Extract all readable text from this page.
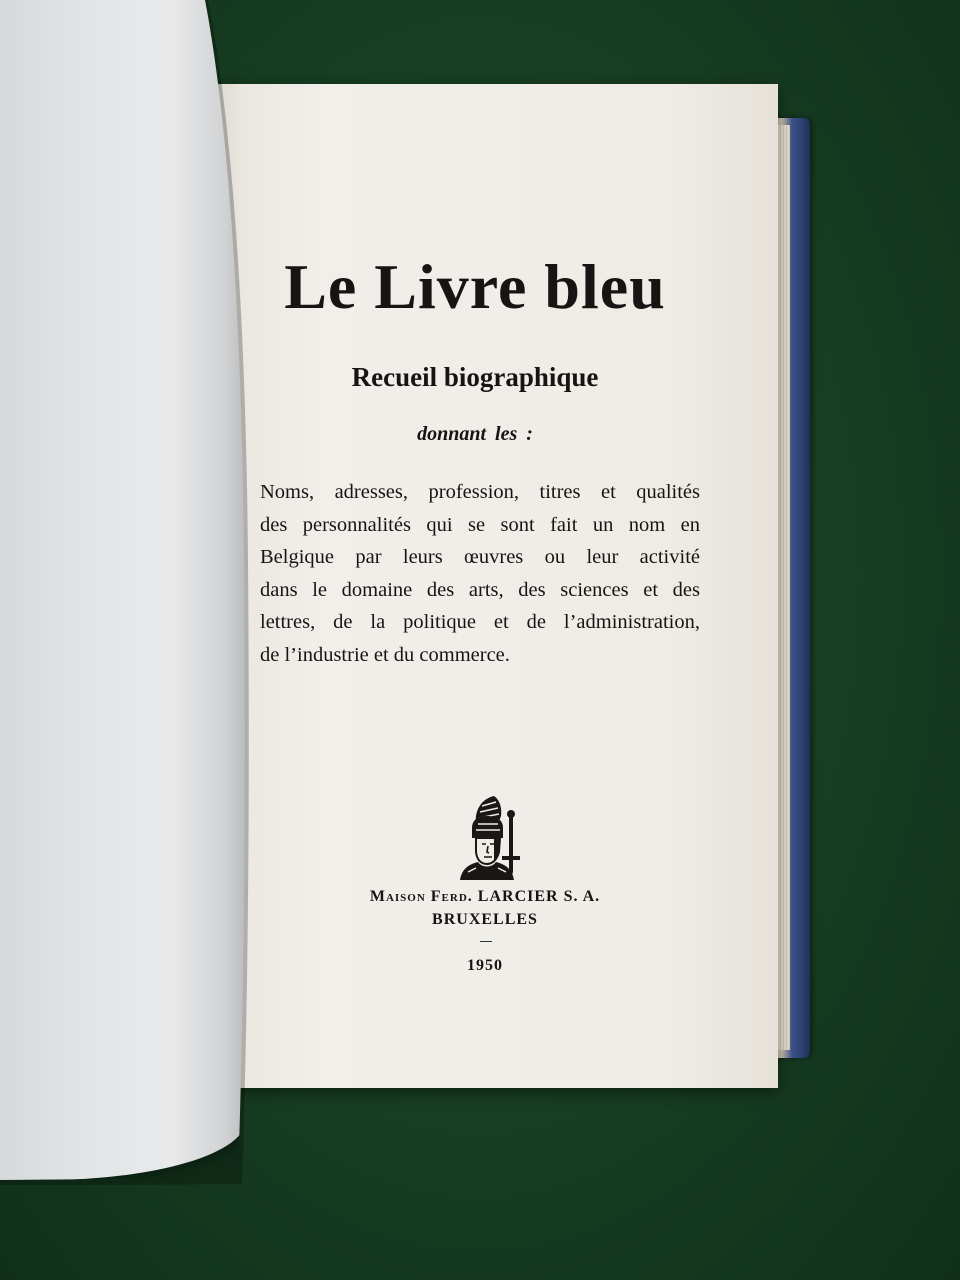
Le Livre bleu
Recueil biographique
donnant les :
Noms, adresses, profession, titres et qualités
des personnalités qui se sont fait un nom en
Belgique par leurs œuvres ou leur activité
dans le domaine des arts, des sciences et des
lettres, de la politique et de l’administration,
de l’industrie et du commerce.
Maison Ferd. LARCIER S. A.
BRUXELLES
1950
